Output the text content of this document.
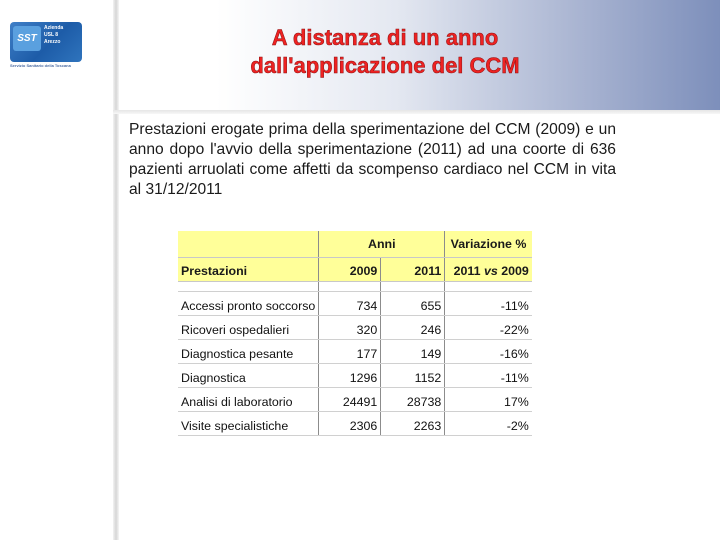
SST
Azienda
USL 8
Arezzo
Servizio Sanitario della Toscana
A distanza di un anno
dall'applicazione del CCM

Prestazioni erogate prima della sperimentazione del CCM (2009) e un anno dopo l'avvio della sperimentazione (2011) ad una coorte di 636 pazienti arruolati come affetti da scompenso cardiaco nel CCM in vita al 31/12/2011

	Anni		Variazione %
Prestazioni	2009	2011	2011 vs 2009

Accessi pronto soccorso	734	655	-11%
Ricoveri ospedalieri	320	246	-22%
Diagnostica pesante	177	149	-16%
Diagnostica	1296	1152	-11%
Analisi di laboratorio	24491	28738	17%
Visite specialistiche	2306	2263	-2%
